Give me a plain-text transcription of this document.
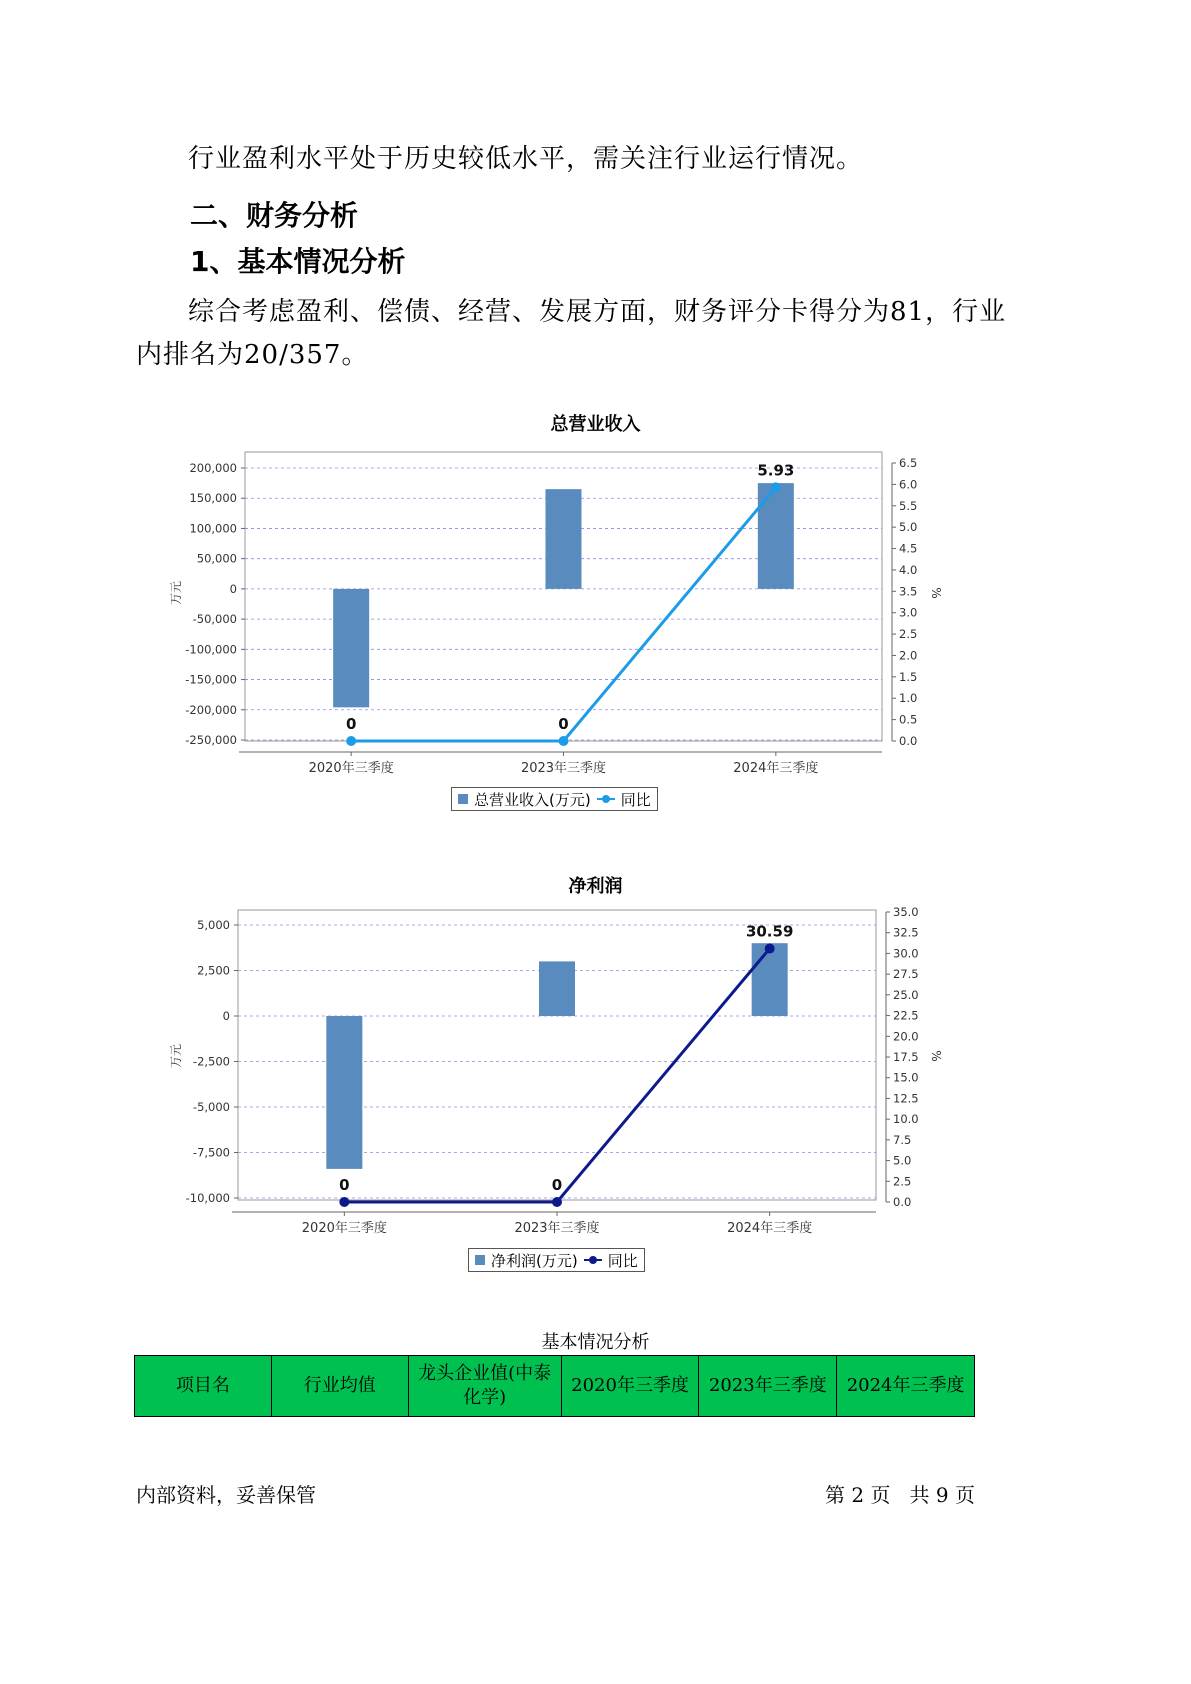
行业盈利水平处于历史较低水平，需关注行业运行情况。
二、财务分析
1、基本情况分析
综合考虑盈利、偿债、经营、发展方面，财务评分卡得分为81，行业
内排名为20/357。
总营业收入
200,000
150,000
100,000
50,000
0
-50,000
-100,000
-150,000
-200,000
-250,000
6.5
6.0
5.5
5.0
4.5
4.0
3.5
3.0
2.5
2.0
1.5
1.0
0.5
0.0
万元	%
2020年三季度	2023年三季度	2024年三季度
0	0
5.93
总营业收入(万元) 同比
净利润
5,000
2,500
0
-2,500
-5,000
-7,500
-10,000
35.0
32.5
30.0
27.5
25.0
22.5
20.0
17.5
15.0
12.5
10.0
7.5
5.0
2.5
0.0
万元	%
2020年三季度	2023年三季度	2024年三季度
0	0
30.59
净利润(万元) 同比
基本情况分析
项目名	行业均值	龙头企业值(中泰化学)	2020年三季度	2023年三季度	2024年三季度
内部资料，妥善保管	第 2 页   共 9 页
